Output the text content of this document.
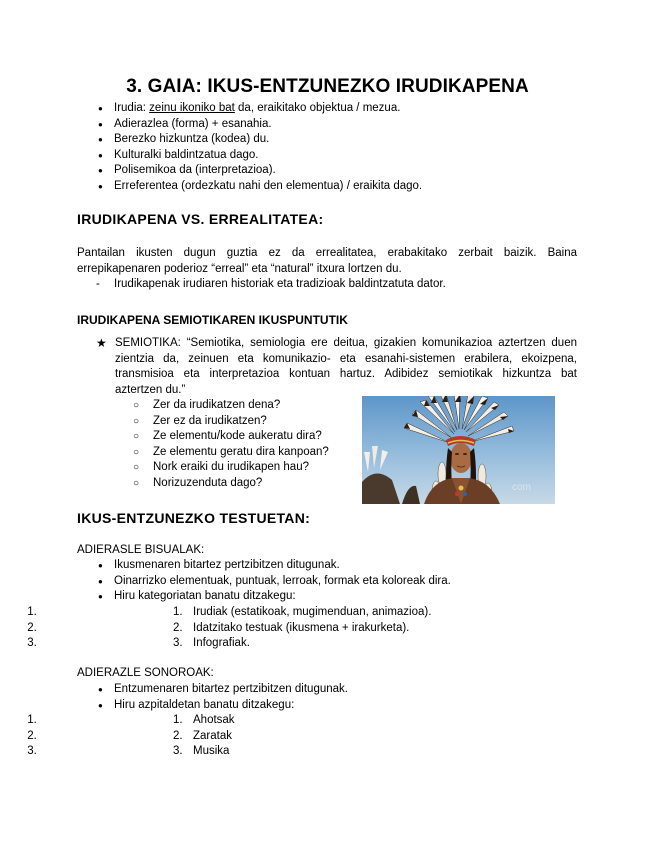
3. GAIA: IKUS-ENTZUNEZKO IRUDIKAPENA
● Irudia: zeinu ikoniko bat da, eraikitako objektua / mezua.
● Adierazlea (forma) + esanahia.
● Berezko hizkuntza (kodea) du.
● Kulturalki baldintzatua dago.
● Polisemikoa da (interpretazioa).
● Erreferentea (ordezkatu nahi den elementua) / eraikita dago.
IRUDIKAPENA VS. ERREALITATEA:

Pantailan ikusten dugun guztia ez da errealitatea, erabakitako zerbait baizik. Baina errepikapenaren poderioz “erreal” eta “natural” itxura lortzen du.

- Irudikapenak irudiaren historiak eta tradizioak baldintzatuta dator.
IRUDIKAPENA SEMIOTIKAREN IKUSPUNTUTIK
★ SEMIOTIKA: “Semiotika, semiologia ere deitua, gizakien komunikazioa aztertzen duen
zientzia da, zeinuen eta komunikazio- eta esanahi-sistemen erabilera, ekoizpena,
transmisioa eta interpretazioa kontuan hartuz. Adibidez semiotikak hizkuntza bat
aztertzen du.”
○ Zer da irudikatzen dena?
○ Zer ez da irudikatzen?
○ Ze elementu/kode aukeratu dira?
○ Ze elementu geratu dira kanpoan?
○ Nork eraiki du irudikapen hau?
○ Norizuzenduta dago?	com
IKUS-ENTZUNEZKO TESTUETAN:
ADIERASLE BISUALAK:
● Ikusmenaren bitartez pertzibitzen ditugunak.
● Oinarrizko elementuak, puntuak, lerroak, formak eta koloreak dira.
● Hiru kategoriatan banatu ditzakegu:
1. 1. Irudiak (estatikoak, mugimenduan, animazioa).
2. 2. Idatzitako testuak (ikusmena + irakurketa).
3. 3. Infografiak.
ADIERAZLE SONOROAK:
● Entzumenaren bitartez pertzibitzen ditugunak.
● Hiru azpitaldetan banatu ditzakegu:
1. 1. Ahotsak
2. 2. Zaratak
3. 3. Musika
